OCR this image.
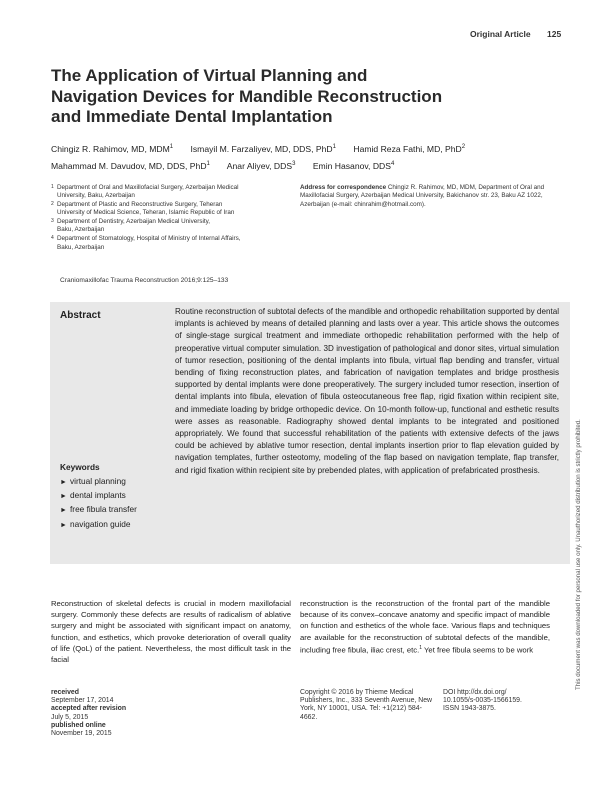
Original Article 125
The Application of Virtual Planning and
Navigation Devices for Mandible Reconstruction
and Immediate Dental Implantation
Chingiz R. Rahimov, MD, MDM$^1$ Ismayil M. Farzaliyev, MD, DDS, PhD$^1$ Hamid Reza Fathi, MD, PhD$^2$
Mahammad M. Davudov, MD, DDS, PhD$^1$ Anar Aliyev, DDS$^3$ Emin Hasanov, DDS$^4$
1 Department of Oral and Maxillofacial Surgery, Azerbaijan Medical
University, Baku, Azerbaijan
2 Department of Plastic and Reconstructive Surgery, Teheran
University of Medical Science, Teheran, Islamic Republic of Iran
3 Department of Dentistry, Azerbaijan Medical University,
Baku, Azerbaijan
4 Department of Stomatology, Hospital of Ministry of Internal Affairs,
Baku, Azerbaijan
Address for correspondence Chingiz R. Rahimov, MD, MDM, Department of Oral and Maxillofacial Surgery, Azerbaijan Medical University, Bakichanov str. 23, Baku AZ 1022, Azerbaijan (e-mail: chinrahim@hotmail.com).
Craniomaxillofac Trauma Reconstruction 2016;9:125–133
Abstract	Routine reconstruction of subtotal defects of the mandible and orthopedic rehabilitation supported by dental implants is achieved by means of detailed planning and lasts over a year. This article shows the outcomes of single-stage surgical treatment and immediate orthopedic rehabilitation performed with the help of preoperative virtual computer simulation. 3D investigation of pathological and donor sites, virtual simulation of tumor resection, positioning of the dental implants into fibula, virtual flap bending and transfer, virtual bending of fixing reconstruction plates, and fabrication of navigation templates and bridge prosthesis supported by dental implants were done preoperatively. The surgery included tumor resection, insertion of dental implants into fibula, elevation of fibula osteocutaneous free flap, rigid fixation within recipient site, and immediate loading by bridge orthopedic device. On 10-month follow-up, functional and esthetic results were asses as reasonable. Radiography showed dental implants to be integrated and positioned appropriately. We found that successful rehabilitation of the patients with extensive defects of the jaws could be achieved by ablative tumor resection, dental implants insertion prior to flap elevation guided by navigation templates, further osteotomy, modeling of the flap based on navigation template, flap transfer, and rigid fixation within recipient site by prebended plates, with application of prefabricated prosthesis.
Keywords
► virtual planning
► dental implants
► free fibula transfer
► navigation guide	This document was downloaded for personal use only. Unauthorized distribution is strictly prohibited.
Reconstruction of skeletal defects is crucial in modern maxillofacial surgery. Commonly these defects are results of radicalism of ablative surgery and might be associated with significant impact on anatomy, function, and esthetics, which provoke deterioration of overall quality of life (QoL) of the patient. Nevertheless, the most difficult task in the facial
reconstruction is the reconstruction of the frontal part of the mandible because of its convex–concave anatomy and specific impact of mandible on function and esthetics of the whole face. Various flaps and techniques are available for the reconstruction of subtotal defects of the mandible, including free fibula, iliac crest, etc.$^1$ Yet free fibula seems to be work
received
September 17, 2014
accepted after revision
July 5, 2015
published online
November 19, 2015
Copyright © 2016 by Thieme Medical Publishers, Inc., 333 Seventh Avenue, New York, NY 10001, USA. Tel: +1(212) 584-4662.
DOI http://dx.doi.org/
10.1055/s-0035-1566159.
ISSN 1943-3875.
